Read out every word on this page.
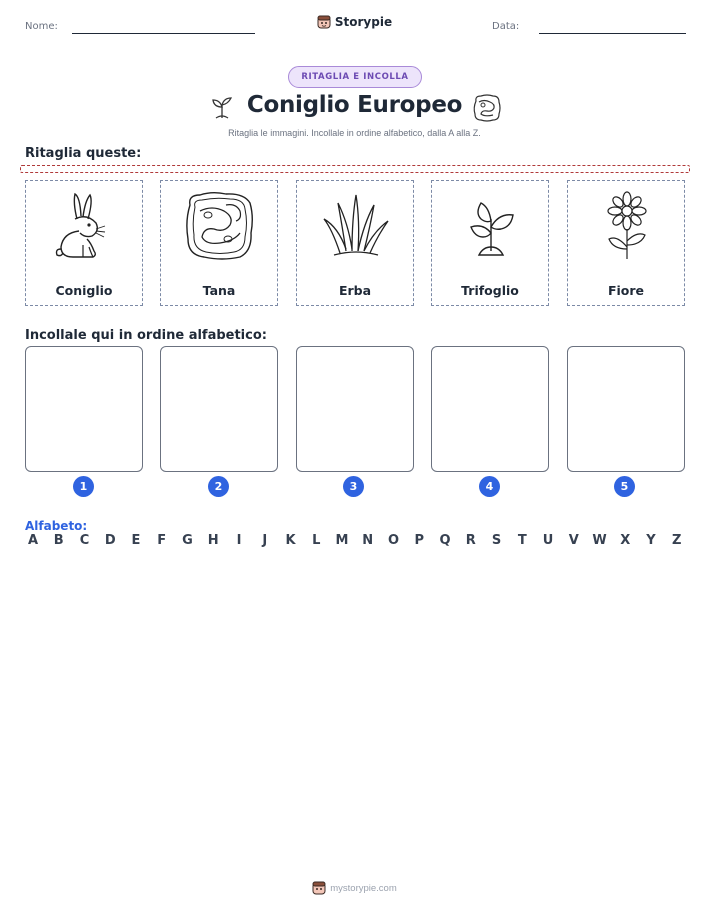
Nome:	Storypie	Data:
RITAGLIA E INCOLLA
Coniglio Europeo
Ritaglia le immagini. Incollale in ordine alfabetico, dalla A alla Z.
Ritaglia queste:
Coniglio	Tana	Erba	Trifoglio	Fiore
Incollale qui in ordine alfabetico:
1	2	3	4	5
Alfabeto:
A B C D E F G H	I	J	K L M N O P Q R S T U V W X Y Z
mystorypie.com
